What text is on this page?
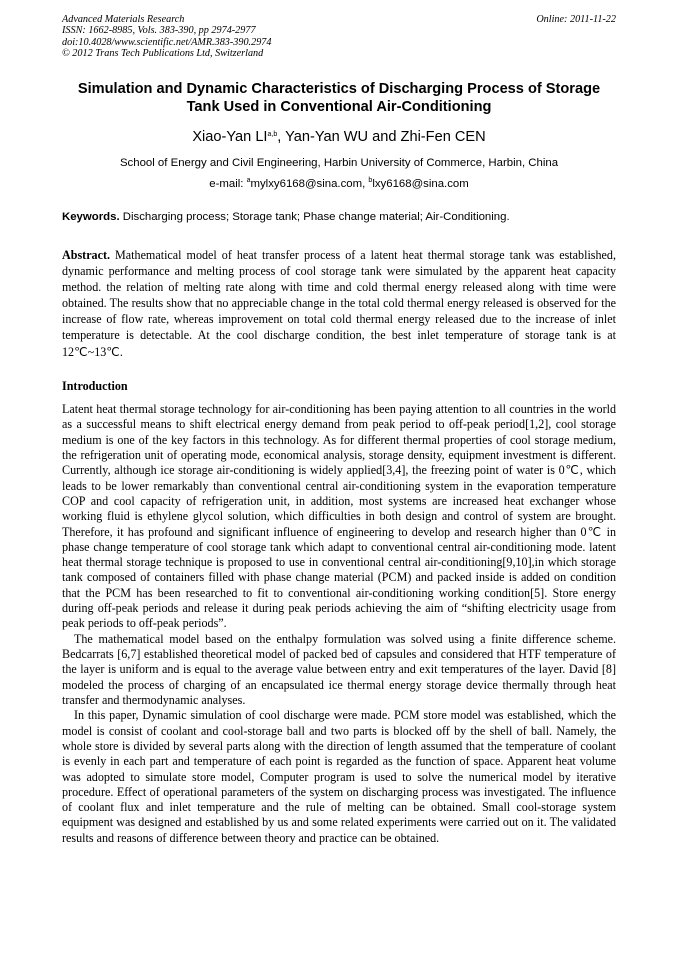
Advanced Materials Research
ISSN: 1662-8985, Vols. 383-390, pp 2974-2977
doi:10.4028/www.scientific.net/AMR.383-390.2974
© 2012 Trans Tech Publications Ltd, Switzerland
Online: 2011-11-22
Simulation and Dynamic Characteristics of Discharging Process of Storage Tank Used in Conventional Air-Conditioning
Xiao-Yan LI$^{a,b}$, Yan-Yan WU and Zhi-Fen CEN
School of Energy and Civil Engineering, Harbin University of Commerce, Harbin, China
e-mail: $^a$mylxy6168@sina.com, $^b$lxy6168@sina.com
Keywords. Discharging process; Storage tank; Phase change material; Air-Conditioning.

Abstract. Mathematical model of heat transfer process of a latent heat thermal storage tank was established, dynamic performance and melting process of cool storage tank were simulated by the apparent heat capacity method. the relation of melting rate along with time and cold thermal energy released along with time were obtained. The results show that no appreciable change in the total cold thermal energy released is observed for the increase of flow rate, whereas improvement on total cold thermal energy released due to the increase of inlet temperature is detectable. At the cool discharge condition, the best inlet temperature of storage tank is at 12℃~13℃.

Introduction

Latent heat thermal storage technology for air-conditioning has been paying attention to all countries in the world as a successful means to shift electrical energy demand from peak period to off-peak period[1,2], cool storage medium is one of the key factors in this technology. As for different thermal properties of cool storage medium, the refrigeration unit of operating mode, economical analysis, storage density, equipment investment is different. Currently, although ice storage air-conditioning is widely applied[3,4], the freezing point of water is 0℃, which leads to be lower remarkably than conventional central air-conditioning system in the evaporation temperature COP and cool capacity of refrigeration unit, in addition, most systems are increased heat exchanger whose working fluid is ethylene glycol solution, which difficulties in both design and control of system are brought. Therefore, it has profound and significant influence of engineering to develop and research higher than 0℃ in phase change temperature of cool storage tank which adapt to conventional central air-conditioning mode. latent heat thermal storage technique is proposed to use in conventional central air-conditioning[9,10],in which storage tank composed of containers filled with phase change material (PCM) and packed inside is added on condition that the PCM has been researched to fit to conventional air-conditioning working condition[5]. Store energy during off-peak periods and release it during peak periods achieving the aim of “shifting electricity usage from peak periods to off-peak periods”.

The mathematical model based on the enthalpy formulation was solved using a finite difference scheme. Bedcarrats [6,7] established theoretical model of packed bed of capsules and considered that HTF temperature of the layer is uniform and is equal to the average value between entry and exit temperatures of the layer. David [8] modeled the process of charging of an encapsulated ice thermal energy storage device thermally through heat transfer and thermodynamic analyses.

In this paper, Dynamic simulation of cool discharge were made. PCM store model was established, which the model is consist of coolant and cool-storage ball and two parts is blocked off by the shell of ball. Namely, the whole store is divided by several parts along with the direction of length assumed that the temperature of coolant is evenly in each part and temperature of each point is regarded as the function of space. Apparent heat volume was adopted to simulate store model, Computer program is used to solve the numerical model by iterative procedure. Effect of operational parameters of the system on discharging process was investigated. The influence of coolant flux and inlet temperature and the rule of melting can be obtained. Small cool-storage system equipment was designed and established by us and some related experiments were carried out on it. The validated results and reasons of difference between theory and practice can be obtained.
